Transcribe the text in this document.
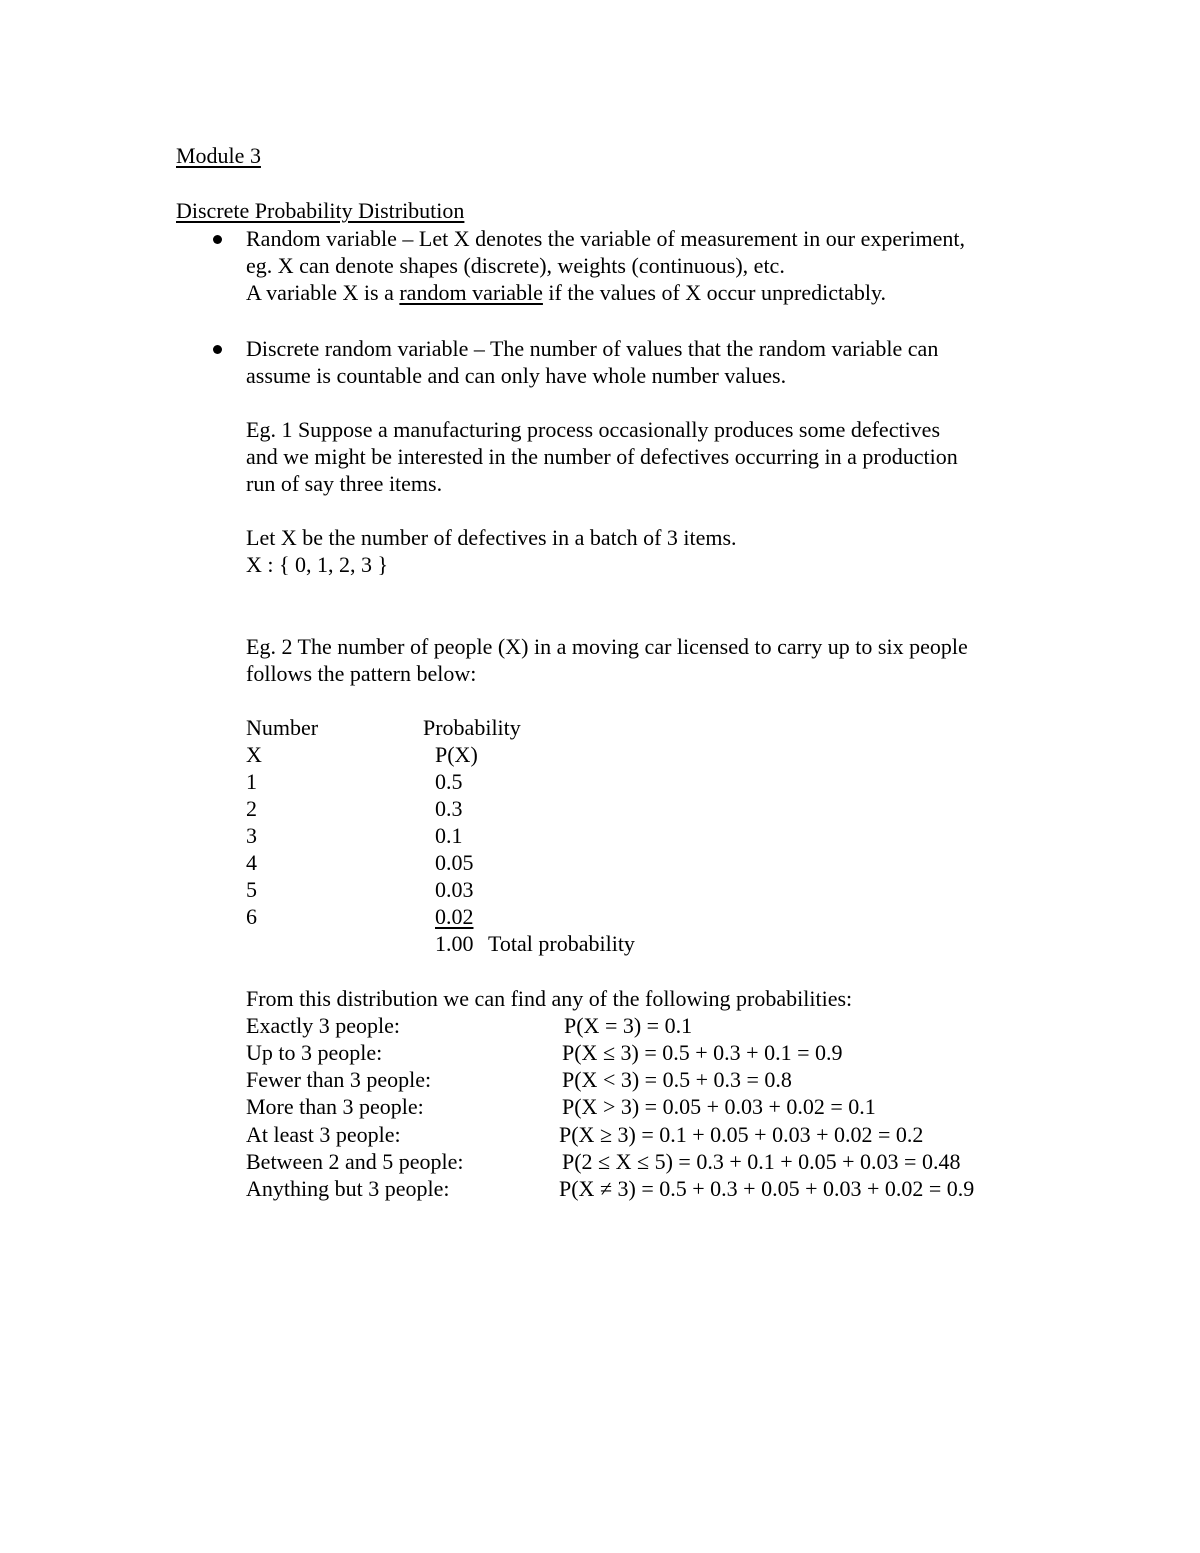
Module 3
Discrete Probability Distribution
Random variable – Let X denotes the variable of measurement in our experiment,
eg. X can denote shapes (discrete), weights (continuous), etc.
A variable X is a random variable if the values of X occur unpredictably.
Discrete random variable – The number of values that the random variable can
assume is countable and can only have whole number values.
Eg. 1 Suppose a manufacturing process occasionally produces some defectives
and we might be interested in the number of defectives occurring in a production
run of say three items.
Let X be the number of defectives in a batch of 3 items.
X : { 0, 1, 2, 3 }
Eg. 2 The number of people (X) in a moving car licensed to carry up to six people
follows the pattern below:
Number	Probability
X	P(X)
1	0.5
2	0.3
3	0.1
4	0.05
5	0.03
6	0.02
1.00 Total probability
From this distribution we can find any of the following probabilities:
Exactly 3 people:	P(X = 3) = 0.1
Up to 3 people:	P(X ≤ 3) = 0.5 + 0.3 + 0.1 = 0.9
Fewer than 3 people:	P(X < 3) = 0.5 + 0.3 = 0.8
More than 3 people:	P(X > 3) = 0.05 + 0.03 + 0.02 = 0.1
At least 3 people:	P(X ≥ 3) = 0.1 + 0.05 + 0.03 + 0.02 = 0.2
Between 2 and 5 people:	P(2 ≤ X ≤ 5) = 0.3 + 0.1 + 0.05 + 0.03 = 0.48
Anything but 3 people:	P(X ≠ 3) = 0.5 + 0.3 + 0.05 + 0.03 + 0.02 = 0.9
